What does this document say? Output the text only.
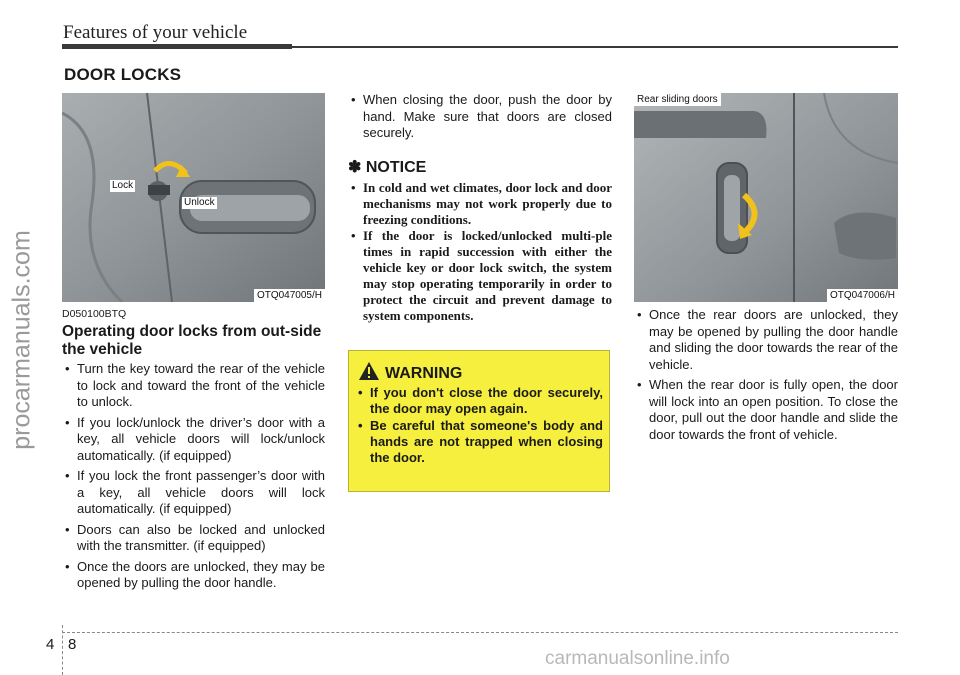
Features of your vehicle
DOOR LOCKS
Lock
Unlock
OTQ047005/H
D050100BTQ
Operating door locks from out-side the vehicle
• Turn the key toward the rear of the vehicle to lock and toward the front of the vehicle to unlock.
• If you lock/unlock the driver’s door with a key, all vehicle doors will lock/unlock automatically. (if equipped)
• If you lock the front passenger’s door with a key, all vehicle doors will lock automatically. (if equipped)
• Doors can also be locked and unlocked with the transmitter. (if equipped)
• Once the doors are unlocked, they may be opened by pulling the door handle.
• When closing the door, push the door by hand. Make sure that doors are closed securely.
✽ NOTICE
• In cold and wet climates, door lock and door mechanisms may not work properly due to freezing conditions.
• If the door is locked/unlocked multi-ple times in rapid succession with either the vehicle key or door lock switch, the system may stop operating temporarily in order to protect the circuit and prevent damage to system components.
WARNING
• If you don't close the door securely, the door may open again.
• Be careful that someone's body and hands are not trapped when closing the door.
Rear sliding doors
OTQ047006/H
• Once the rear doors are unlocked, they may be opened by pulling the door handle and sliding the door towards the rear of the vehicle.
• When the rear door is fully open, the door will lock into an open position. To close the door, pull out the door handle and slide the door towards the front of vehicle.
procarmanuals.com
4 8
carmanualsonline.info
